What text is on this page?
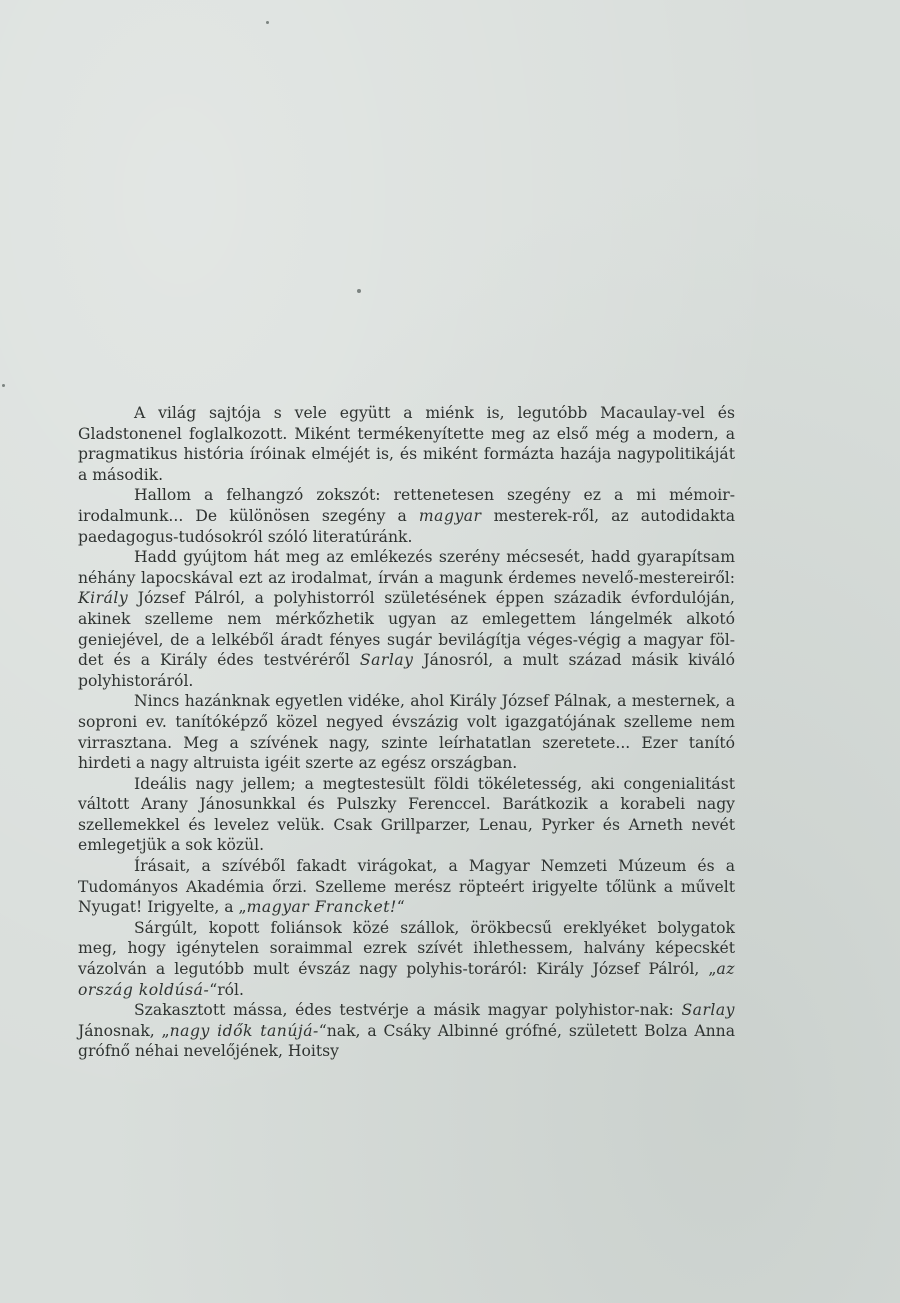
A világ sajtója s vele együtt a miénk is, legutóbb Macaulay-vel és Gladstonenel foglalkozott. Miként termékenyítette meg az első még a modern, a pragmatikus história íróinak elméjét is, és miként formázta hazája nagypolitikáját a második.

Hallom a felhangzó zokszót: rettenetesen szegény ez a mi mémoir-irodalmunk... De különösen szegény a magyar mesterek-ről, az autodidakta paedagogus-tudósokról szóló literatúránk.

Hadd gyújtom hát meg az emlékezés szerény mécsesét, hadd gyarapítsam néhány lapocskával ezt az irodalmat, írván a magunk érdemes nevelő-mestereiről: Király József Pálról, a polyhistorról születésének éppen századik évfordulóján, akinek szelleme nem mérkőzhetik ugyan az emlegettem lángelmék alkotó geniejével, de a lelkéből áradt fényes sugár bevilágítja véges-végig a magyar föl-det és a Király édes testvéréről Sarlay Jánosról, a mult század másik kiváló polyhistoráról.

Nincs hazánknak egyetlen vidéke, ahol Király József Pálnak, a mesternek, a soproni ev. tanítóképző közel negyed évszázig volt igazgatójának szelleme nem virrasztana. Meg a szívének nagy, szinte leírhatatlan szeretete... Ezer tanító hirdeti a nagy altruista igéit szerte az egész országban.

Ideális nagy jellem; a megtestesült földi tökéletesség, aki congenialitást váltott Arany Jánosunkkal és Pulszky Ferenccel. Barátkozik a korabeli nagy szellemekkel és levelez velük. Csak Grillparzer, Lenau, Pyrker és Arneth nevét emlegetjük a sok közül.

Írásait, a szívéből fakadt virágokat, a Magyar Nemzeti Múzeum és a Tudományos Akadémia őrzi. Szelleme merész röpteért irigyelte tőlünk a művelt Nyugat! Irigyelte, a „magyar Francket!“

Sárgúlt, kopott foliánsok közé szállok, örökbecsű ereklyéket bolygatok meg, hogy igénytelen soraimmal ezrek szívét ihlethessem, halvány képecskét vázolván a legutóbb mult évszáz nagy polyhis-toráról: Király József Pálról, „az ország koldúsá-“ról.

Szakasztott mássa, édes testvérje a másik magyar polyhistor-nak: Sarlay Jánosnak, „nagy idők tanújá-“nak, a Csáky Albinné grófné, született Bolza Anna grófnő néhai nevelőjének, Hoitsy
